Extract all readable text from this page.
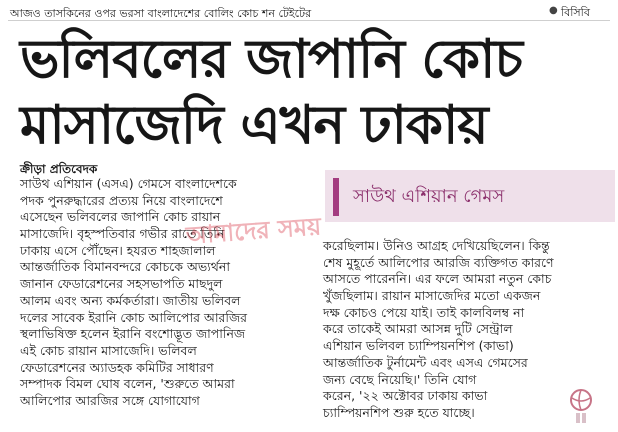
আজও তাসকিনের ওপর ভরসা বাংলাদেশের বোলিং কোচ শন টেইটের	● বিসিবি
ভলিবলের জাপানি কোচ
মাসাজেদি এখন ঢাকায়
ক্রীড়া প্রতিবেদক
সাউথ এশিয়ান গেমস
সাউথ এশিয়ান (এসএ) গেমসে বাংলাদেশকে
পদক পুনরুদ্ধারের প্রত্যয় নিয়ে বাংলাদেশে
এসেছেন ভলিবলের জাপানি কোচ রায়ান
মাসাজেদি। বৃহস্পতিবার গভীর রাতে তিনি
ঢাকায় এসে পৌঁছেন। হযরত শাহজালাল
আন্তর্জাতিক বিমানবন্দরে কোচকে অভ্যর্থনা
জানান ফেডারেশনের সহসভাপতি মাছদুল
আলম এবং অন্য কর্মকর্তারা। জাতীয় ভলিবল
দলের সাবেক ইরানি কোচ আলিপোর আরজির
স্থলাভিষিক্ত হলেন ইরানি বংশোদ্ভূত জাপানিজ
এই কোচ রায়ান মাসাজেদি। ভলিবল
ফেডারেশনের অ্যাডহক কমিটির সাধারণ
সম্পাদক বিমল ঘোষ বলেন, 'শুরুতে আমরা
আলিপোর আরজির সঙ্গে যোগাযোগ
করেছিলাম। উনিও আগ্রহ দেখিয়েছিলেন। কিন্তু
শেষ মুহূর্তে আলিপোর আরজি ব্যক্তিগত কারণে
আসতে পারেননি। এর ফলে আমরা নতুন কোচ
খুঁজছিলাম। রায়ান মাসাজেদির মতো একজন
দক্ষ কোচও পেয়ে যাই। তাই কালবিলম্ব না
করে তাকেই আমরা আসন্ন দুটি সেন্ট্রাল
এশিয়ান ভলিবল চ্যাম্পিয়নশিপ (কাভা)
আন্তর্জাতিক টুর্নামেন্ট এবং এসএ গেমসের
জন্য বেছে নিয়েছি।' তিনি যোগ
করেন, '২২ অক্টোবর ঢাকায় কাভা
চ্যাম্পিয়নশিপ শুরু হতে যাচ্ছে।
আমাদের সময়
